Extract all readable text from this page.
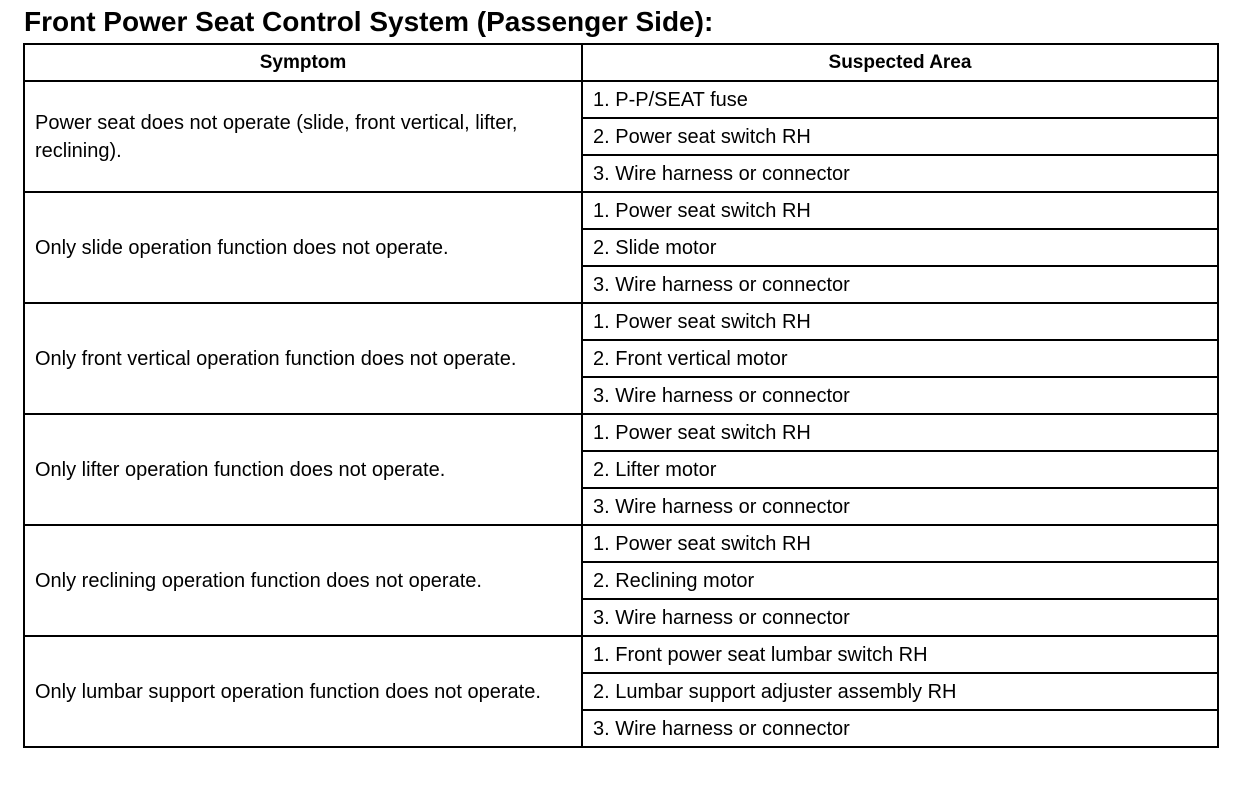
Front Power Seat Control System (Passenger Side):
Symptom	Suspected Area
Power seat does not operate (slide, front vertical, lifter, reclining).	1. P-P/SEAT fuse
	2. Power seat switch RH
	3. Wire harness or connector
Only slide operation function does not operate.	1. Power seat switch RH
	2. Slide motor
	3. Wire harness or connector
Only front vertical operation function does not operate.	1. Power seat switch RH
	2. Front vertical motor
	3. Wire harness or connector
Only lifter operation function does not operate.	1. Power seat switch RH
	2. Lifter motor
	3. Wire harness or connector
Only reclining operation function does not operate.	1. Power seat switch RH
	2. Reclining motor
	3. Wire harness or connector
Only lumbar support operation function does not operate.	1. Front power seat lumbar switch RH
	2. Lumbar support adjuster assembly RH
	3. Wire harness or connector
